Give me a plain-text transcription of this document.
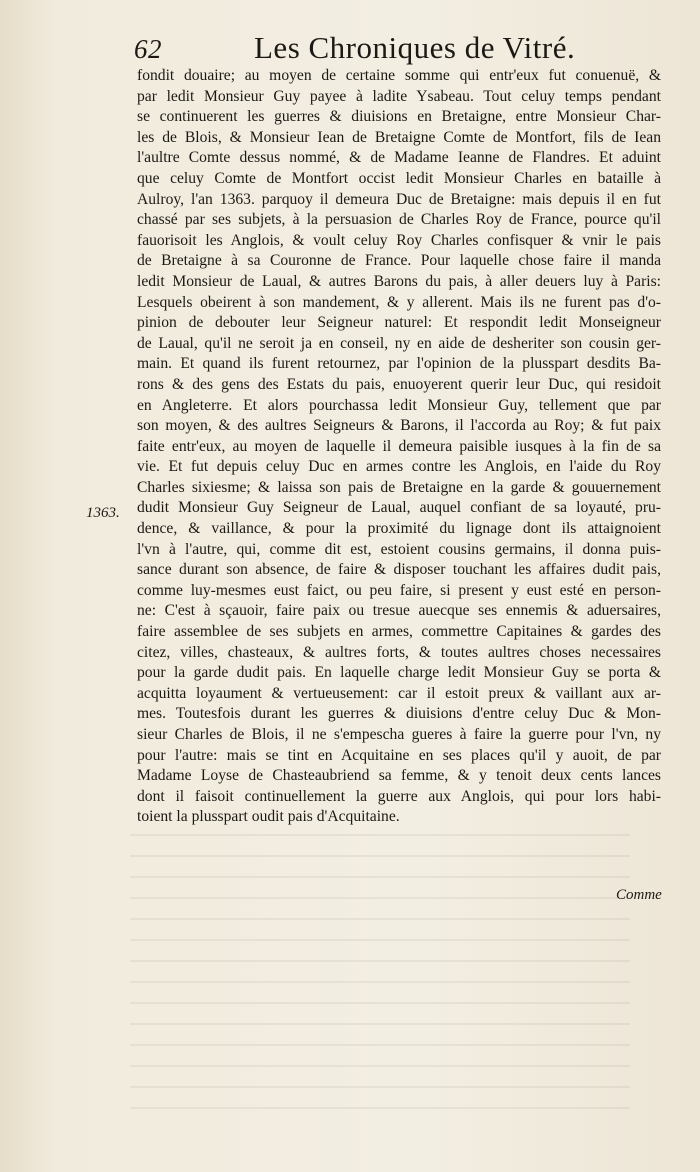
62	Les Chroniques de Vitré.
1363.
fondit douaire; au moyen de certaine somme qui entr'eux fut conuenuë, &
par ledit Monsieur Guy payee à ladite Ysabeau. Tout celuy temps pendant
se continuerent les guerres & diuisions en Bretaigne, entre Monsieur Char-
les de Blois, & Monsieur Iean de Bretaigne Comte de Montfort, fils de Iean
l'aultre Comte dessus nommé, & de Madame Ieanne de Flandres. Et aduint
que celuy Comte de Montfort occist ledit Monsieur Charles en bataille à
Aulroy, l'an 1363. parquoy il demeura Duc de Bretaigne: mais depuis il en fut
chassé par ses subjets, à la persuasion de Charles Roy de France, pource qu'il
fauorisoit les Anglois, & voult celuy Roy Charles confisquer & vnir le pais
de Bretaigne à sa Couronne de France. Pour laquelle chose faire il manda
ledit Monsieur de Laual, & autres Barons du pais, à aller deuers luy à Paris:
Lesquels obeirent à son mandement, & y allerent. Mais ils ne furent pas d'o-
pinion de debouter leur Seigneur naturel: Et respondit ledit Monseigneur
de Laual, qu'il ne seroit ja en conseil, ny en aide de desheriter son cousin ger-
main. Et quand ils furent retournez, par l'opinion de la plusspart desdits Ba-
rons & des gens des Estats du pais, enuoyerent querir leur Duc, qui residoit
en Angleterre. Et alors pourchassa ledit Monsieur Guy, tellement que par
son moyen, & des aultres Seigneurs & Barons, il l'accorda au Roy; & fut paix
faite entr'eux, au moyen de laquelle il demeura paisible iusques à la fin de sa
vie. Et fut depuis celuy Duc en armes contre les Anglois, en l'aide du Roy
Charles sixiesme; & laissa son pais de Bretaigne en la garde & gouuernement
dudit Monsieur Guy Seigneur de Laual, auquel confiant de sa loyauté, pru-
dence, & vaillance, & pour la proximité du lignage dont ils attaignoient
l'vn à l'autre, qui, comme dit est, estoient cousins germains, il donna puis-
sance durant son absence, de faire & disposer touchant les affaires dudit pais,
comme luy-mesmes eust faict, ou peu faire, si present y eust esté en person-
ne: C'est à sçauoir, faire paix ou tresue auecque ses ennemis & aduersaires,
faire assemblee de ses subjets en armes, commettre Capitaines & gardes des
citez, villes, chasteaux, & aultres forts, & toutes aultres choses necessaires
pour la garde dudit pais. En laquelle charge ledit Monsieur Guy se porta &
acquitta loyaument & vertueusement: car il estoit preux & vaillant aux ar-
mes. Toutesfois durant les guerres & diuisions d'entre celuy Duc & Mon-
sieur Charles de Blois, il ne s'empescha gueres à faire la guerre pour l'vn, ny
pour l'autre: mais se tint en Acquitaine en ses places qu'il y auoit, de par
Madame Loyse de Chasteaubriend sa femme, & y tenoit deux cents lances
dont il faisoit continuellement la guerre aux Anglois, qui pour lors habi-
toient la plusspart oudit pais d'Acquitaine.
Comme
